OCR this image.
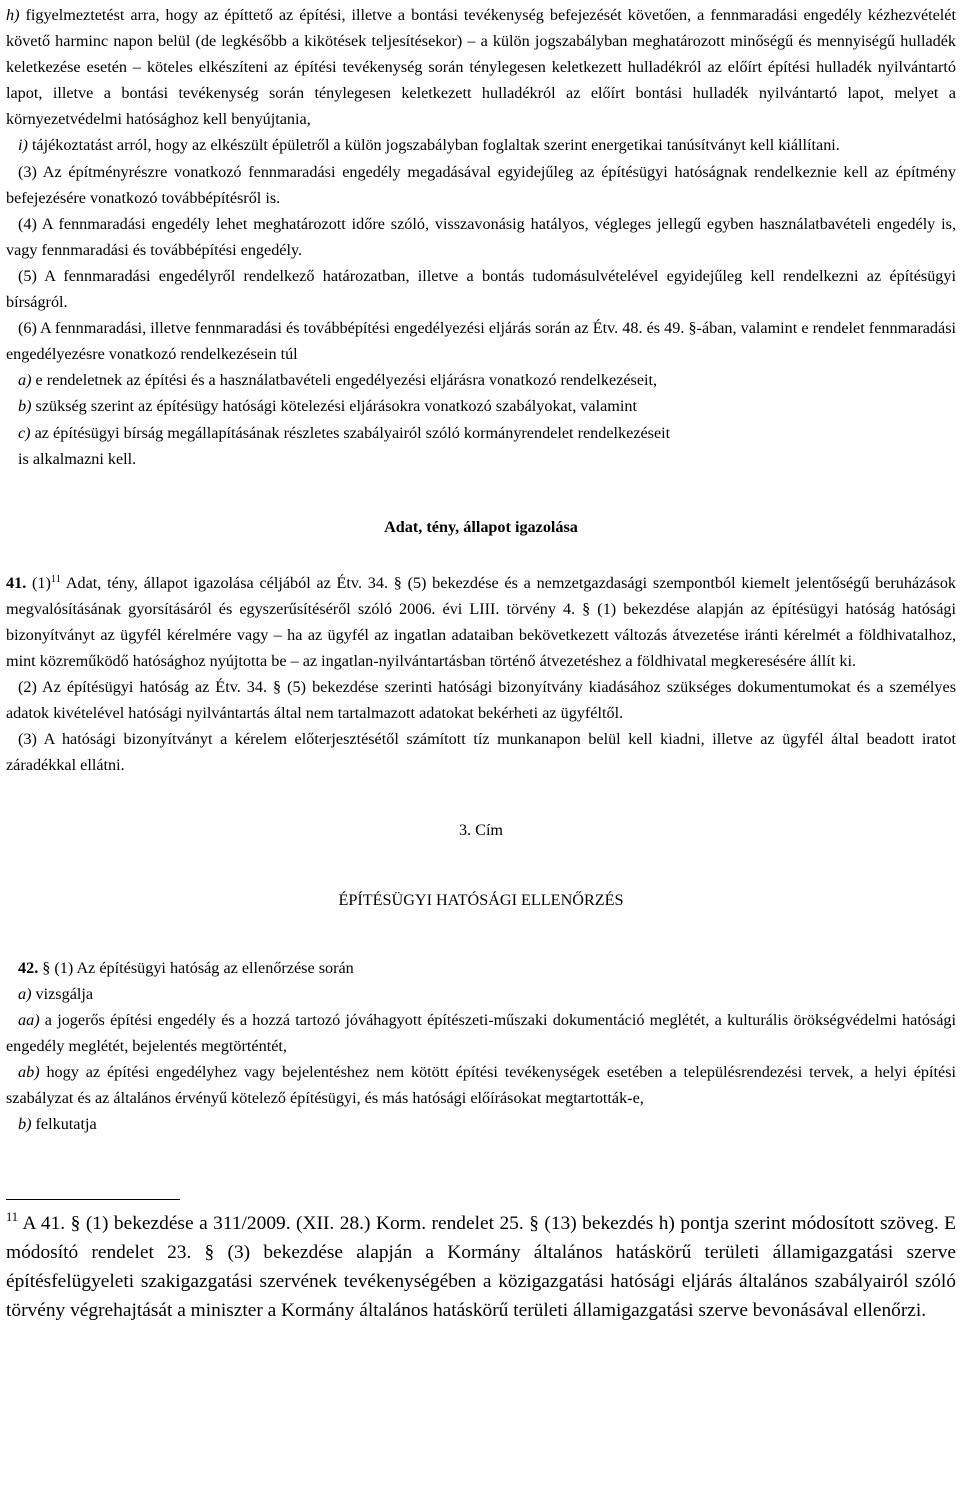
h) figyelmeztetést arra, hogy az építtető az építési, illetve a bontási tevékenység befejezését követően, a fennmaradási engedély kézhezvételét követő harminc napon belül (de legkésőbb a kikötések teljesítésekor) – a külön jogszabályban meghatározott minőségű és mennyiségű hulladék keletkezése esetén – köteles elkészíteni az építési tevékenység során ténylegesen keletkezett hulladékról az előírt építési hulladék nyilvántartó lapot, illetve a bontási tevékenység során ténylegesen keletkezett hulladékról az előírt bontási hulladék nyilvántartó lapot, melyet a környezetvédelmi hatósághoz kell benyújtania,

i) tájékoztatást arról, hogy az elkészült épületről a külön jogszabályban foglaltak szerint energetikai tanúsítványt kell kiállítani.

(3) Az építményrészre vonatkozó fennmaradási engedély megadásával egyidejűleg az építésügyi hatóságnak rendelkeznie kell az építmény befejezésére vonatkozó továbbépítésről is.

(4) A fennmaradási engedély lehet meghatározott időre szóló, visszavonásig hatályos, végleges jellegű egyben használatbavételi engedély is, vagy fennmaradási és továbbépítési engedély.

(5) A fennmaradási engedélyről rendelkező határozatban, illetve a bontás tudomásulvételével egyidejűleg kell rendelkezni az építésügyi bírságról.

(6) A fennmaradási, illetve fennmaradási és továbbépítési engedélyezési eljárás során az Étv. 48. és 49. §-ában, valamint e rendelet fennmaradási engedélyezésre vonatkozó rendelkezésein túl

a) e rendeletnek az építési és a használatbavételi engedélyezési eljárásra vonatkozó rendelkezéseit,

b) szükség szerint az építésügy hatósági kötelezési eljárásokra vonatkozó szabályokat, valamint

c) az építésügyi bírság megállapításának részletes szabályairól szóló kormányrendelet rendelkezéseit

is alkalmazni kell.

Adat, tény, állapot igazolása

41. $(1)^{11}$ Adat, tény, állapot igazolása céljából az Étv. 34. § (5) bekezdése és a nemzetgazdasági szempontból kiemelt jelentőségű beruházások megvalósításának gyorsításáról és egyszerűsítéséről szóló 2006. évi LIII. törvény 4. § (1) bekezdése alapján az építésügyi hatóság hatósági bizonyítványt az ügyfél kérelmére vagy – ha az ügyfél az ingatlan adataiban bekövetkezett változás átvezetése iránti kérelmét a földhivatalhoz, mint közreműködő hatósághoz nyújtotta be – az ingatlan-nyilvántartásban történő átvezetéshez a földhivatal megkeresésére állít ki.

(2) Az építésügyi hatóság az Étv. 34. § (5) bekezdése szerinti hatósági bizonyítvány kiadásához szükséges dokumentumokat és a személyes adatok kivételével hatósági nyilvántartás által nem tartalmazott adatokat bekérheti az ügyféltől.

(3) A hatósági bizonyítványt a kérelem előterjesztésétől számított tíz munkanapon belül kell kiadni, illetve az ügyfél által beadott iratot záradékkal ellátni.

3. Cím

ÉPÍTÉSÜGYI HATÓSÁGI ELLENŐRZÉS

42. § (1) Az építésügyi hatóság az ellenőrzése során

a) vizsgálja

aa) a jogerős építési engedély és a hozzá tartozó jóváhagyott építészeti-műszaki dokumentáció meglétét, a kulturális örökségvédelmi hatósági engedély meglétét, bejelentés megtörténtét,

ab) hogy az építési engedélyhez vagy bejelentéshez nem kötött építési tevékenységek esetében a településrendezési tervek, a helyi építési szabályzat és az általános érvényű kötelező építésügyi, és más hatósági előírásokat megtartották-e,

b) felkutatja

$^{11}$ A 41. § (1) bekezdése a 311/2009. (XII. 28.) Korm. rendelet 25. § (13) bekezdés h) pontja szerint módosított szöveg. E módosító rendelet 23. § (3) bekezdése alapján a Kormány általános hatáskörű területi államigazgatási szerve építésfelügyeleti szakigazgatási szervének tevékenységében a közigazgatási hatósági eljárás általános szabályairól szóló törvény végrehajtását a miniszter a Kormány általános hatáskörű területi államigazgatási szerve bevonásával ellenőrzi.
